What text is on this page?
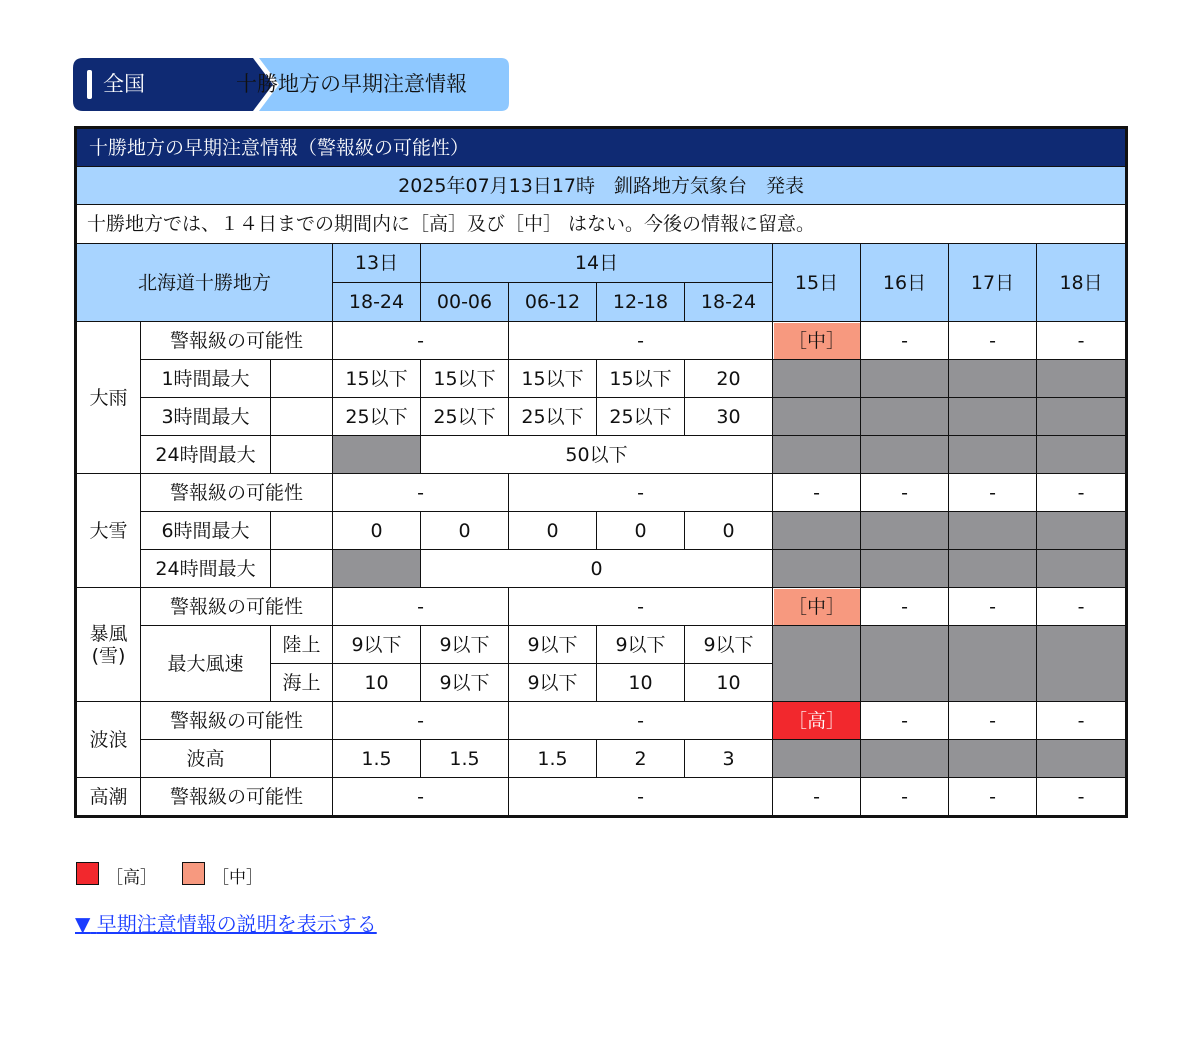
全国	十勝地方の早期注意情報
十勝地方の早期注意情報（警報級の可能性）											
2025年07月13日17時　釧路地方気象台　発表											
十勝地方では、１４日までの期間内に［高］及び［中］ はない。今後の情報に留意。											
北海道十勝地方			13日	14日				15日	16日	17日	18日
			18-24	00-06	06-12	12-18	18-24				
大雨	警報級の可能性		-		-			［中］	-	-	-
	1時間最大		15以下	15以下	15以下	15以下	20				
	3時間最大		25以下	25以下	25以下	25以下	30				
	24時間最大			50以下							
大雪	警報級の可能性		-		-			-	-	-	-
	6時間最大		0	0	0	0	0				
	24時間最大			0							
暴風
(雪)	警報級の可能性		-		-			［中］	-	-	-
	最大風速	陸上	9以下	9以下	9以下	9以下	9以下				
		海上	10	9以下	9以下	10	10				
波浪	警報級の可能性		-		-			［高］	-	-	-
	波高		1.5	1.5	1.5	2	3				
高潮	警報級の可能性		-		-			-	-	-	-
［高］	［中］
▼ 早期注意情報の説明を表示する
